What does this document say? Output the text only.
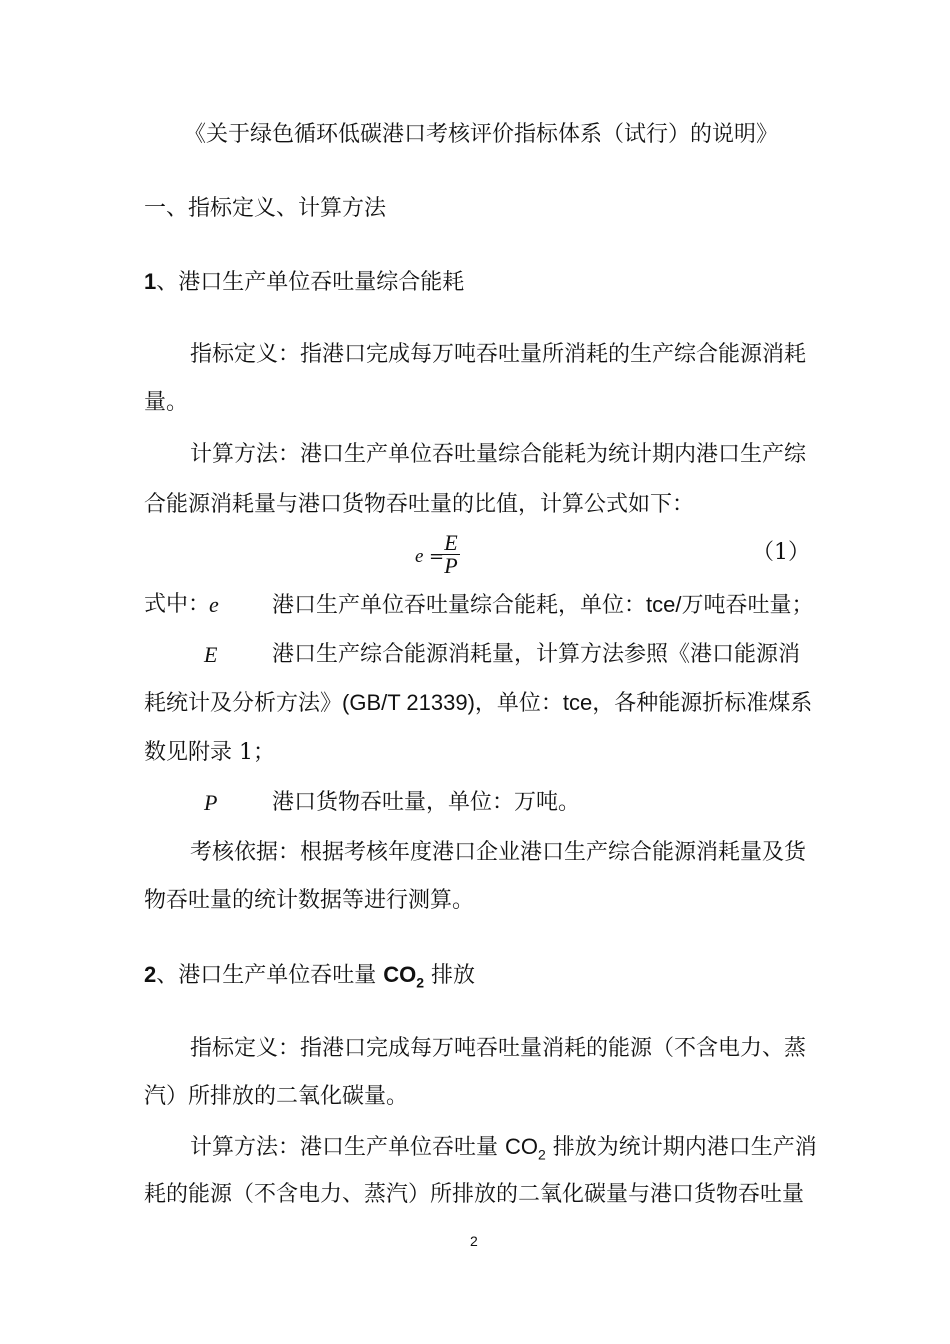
《关于绿色循环低碳港口考核评价指标体系（试行）的说明》
一、指标定义、计算方法
1、港口生产单位吞吐量综合能耗
指标定义：指港口完成每万吨吞吐量所消耗的生产综合能源消耗
量。
计算方法：港口生产单位吞吐量综合能耗为统计期内港口生产综
合能源消耗量与港口货物吞吐量的比值，计算公式如下：
e =
E
P
（1）
式中：
e 港口生产单位吞吐量综合能耗，单位：tce/万吨吞吐量；
E 港口生产综合能源消耗量，计算方法参照《港口能源消
耗统计及分析方法》(GB/T 21339)，单位：tce，各种能源折标准煤系
数见附录 1；
P 港口货物吞吐量，单位：万吨。
考核依据：根据考核年度港口企业港口生产综合能源消耗量及货
物吞吐量的统计数据等进行测算。
2、港口生产单位吞吐量 $CO_2$ 排放
指标定义：指港口完成每万吨吞吐量消耗的能源（不含电力、蒸
汽）所排放的二氧化碳量。
计算方法：港口生产单位吞吐量 $CO_2$ 排放为统计期内港口生产消
耗的能源（不含电力、蒸汽）所排放的二氧化碳量与港口货物吞吐量
2
